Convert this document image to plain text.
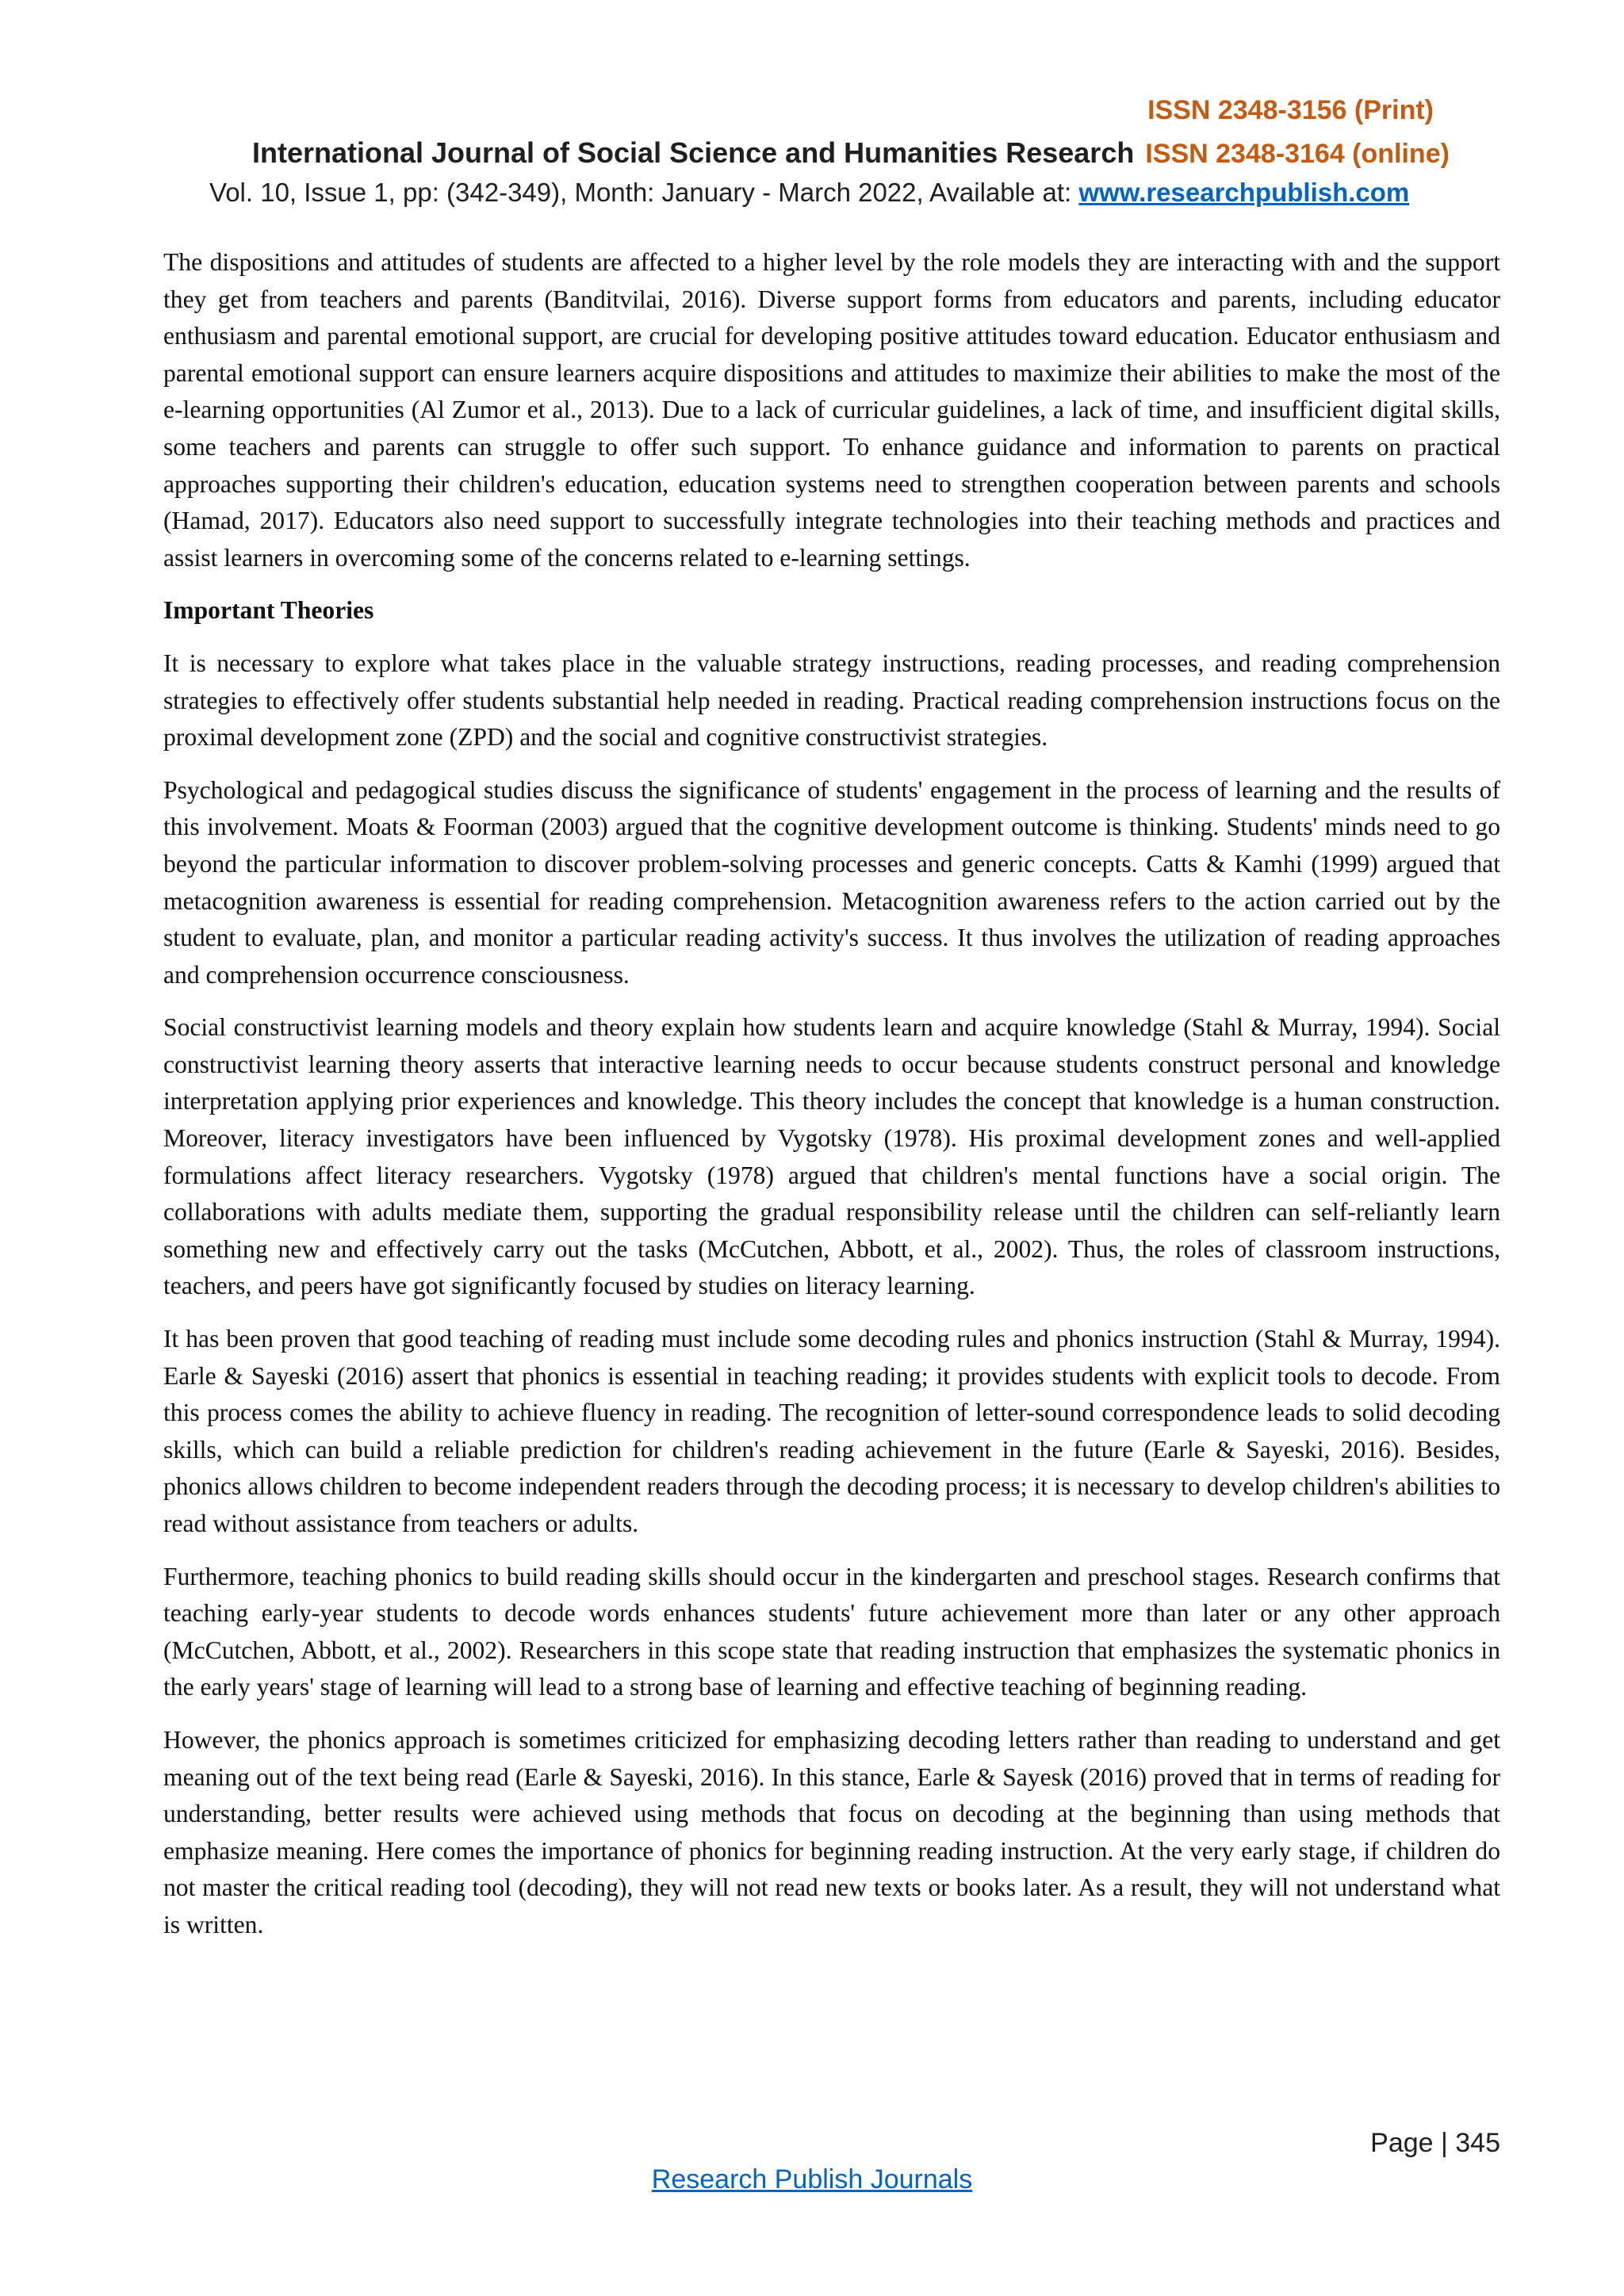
ISSN 2348-3156 (Print)
International Journal of Social Science and Humanities Research ISSN 2348-3164 (online)
Vol. 10, Issue 1, pp: (342-349), Month: January - March 2022, Available at: www.researchpublish.com

The dispositions and attitudes of students are affected to a higher level by the role models they are interacting with and the support they get from teachers and parents (Banditvilai, 2016). Diverse support forms from educators and parents, including educator enthusiasm and parental emotional support, are crucial for developing positive attitudes toward education. Educator enthusiasm and parental emotional support can ensure learners acquire dispositions and attitudes to maximize their abilities to make the most of the e-learning opportunities (Al Zumor et al., 2013). Due to a lack of curricular guidelines, a lack of time, and insufficient digital skills, some teachers and parents can struggle to offer such support. To enhance guidance and information to parents on practical approaches supporting their children's education, education systems need to strengthen cooperation between parents and schools (Hamad, 2017). Educators also need support to successfully integrate technologies into their teaching methods and practices and assist learners in overcoming some of the concerns related to e-learning settings.

Important Theories

It is necessary to explore what takes place in the valuable strategy instructions, reading processes, and reading comprehension strategies to effectively offer students substantial help needed in reading. Practical reading comprehension instructions focus on the proximal development zone (ZPD) and the social and cognitive constructivist strategies.

Psychological and pedagogical studies discuss the significance of students' engagement in the process of learning and the results of this involvement. Moats & Foorman (2003) argued that the cognitive development outcome is thinking. Students' minds need to go beyond the particular information to discover problem-solving processes and generic concepts. Catts & Kamhi (1999) argued that metacognition awareness is essential for reading comprehension. Metacognition awareness refers to the action carried out by the student to evaluate, plan, and monitor a particular reading activity's success. It thus involves the utilization of reading approaches and comprehension occurrence consciousness.

Social constructivist learning models and theory explain how students learn and acquire knowledge (Stahl & Murray, 1994). Social constructivist learning theory asserts that interactive learning needs to occur because students construct personal and knowledge interpretation applying prior experiences and knowledge. This theory includes the concept that knowledge is a human construction. Moreover, literacy investigators have been influenced by Vygotsky (1978). His proximal development zones and well-applied formulations affect literacy researchers. Vygotsky (1978) argued that children's mental functions have a social origin. The collaborations with adults mediate them, supporting the gradual responsibility release until the children can self-reliantly learn something new and effectively carry out the tasks (McCutchen, Abbott, et al., 2002). Thus, the roles of classroom instructions, teachers, and peers have got significantly focused by studies on literacy learning.

It has been proven that good teaching of reading must include some decoding rules and phonics instruction (Stahl & Murray, 1994). Earle & Sayeski (2016) assert that phonics is essential in teaching reading; it provides students with explicit tools to decode. From this process comes the ability to achieve fluency in reading. The recognition of letter-sound correspondence leads to solid decoding skills, which can build a reliable prediction for children's reading achievement in the future (Earle & Sayeski, 2016). Besides, phonics allows children to become independent readers through the decoding process; it is necessary to develop children's abilities to read without assistance from teachers or adults.

Furthermore, teaching phonics to build reading skills should occur in the kindergarten and preschool stages. Research confirms that teaching early-year students to decode words enhances students' future achievement more than later or any other approach (McCutchen, Abbott, et al., 2002). Researchers in this scope state that reading instruction that emphasizes the systematic phonics in the early years' stage of learning will lead to a strong base of learning and effective teaching of beginning reading.

However, the phonics approach is sometimes criticized for emphasizing decoding letters rather than reading to understand and get meaning out of the text being read (Earle & Sayeski, 2016). In this stance, Earle & Sayesk (2016) proved that in terms of reading for understanding, better results were achieved using methods that focus on decoding at the beginning than using methods that emphasize meaning. Here comes the importance of phonics for beginning reading instruction. At the very early stage, if children do not master the critical reading tool (decoding), they will not read new texts or books later. As a result, they will not understand what is written.

Page | 345
Research Publish Journals
